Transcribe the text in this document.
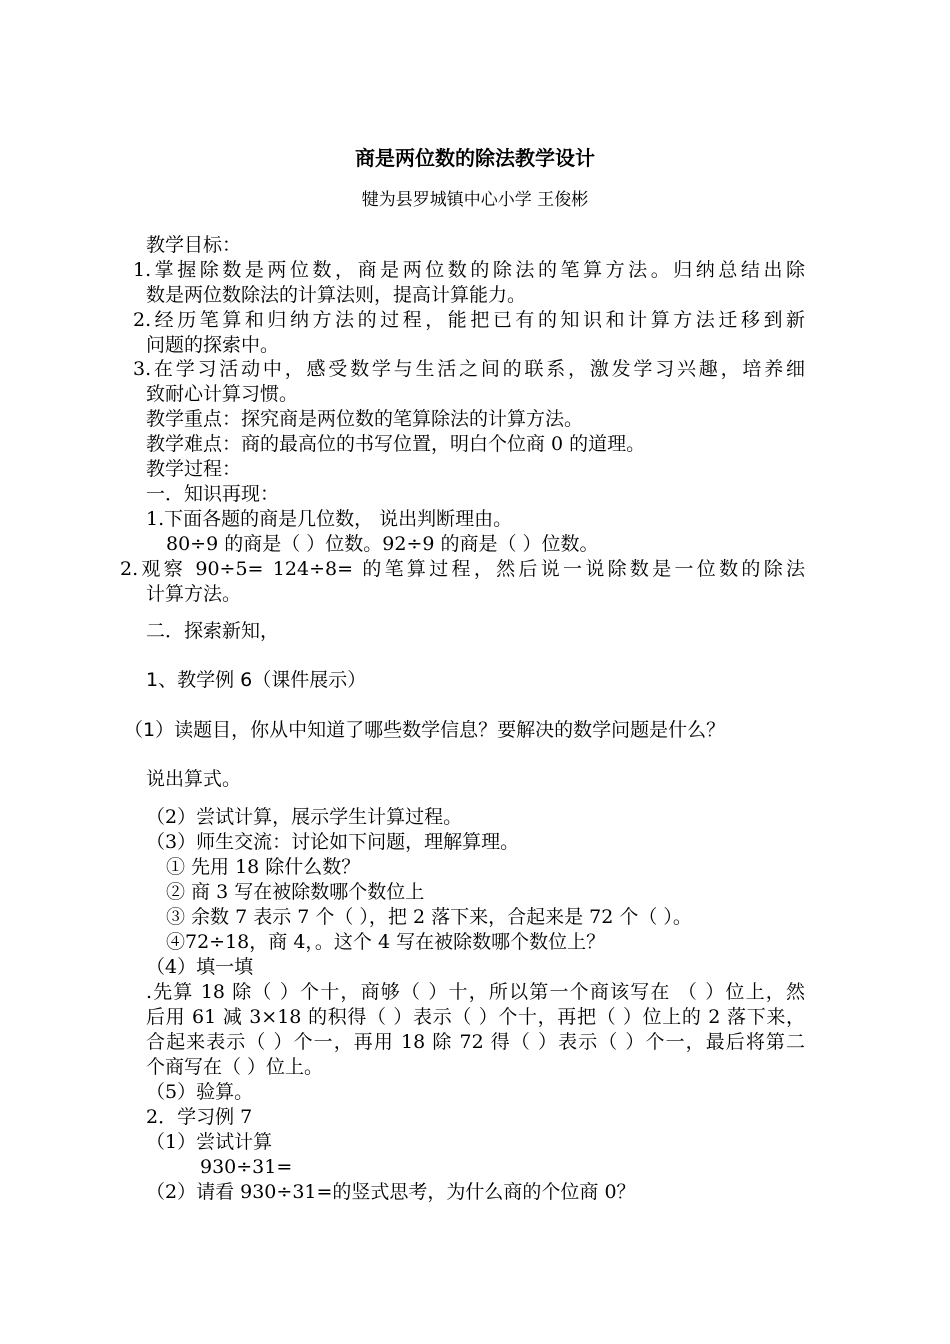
商是两位数的除法教学设计
犍为县罗城镇中心小学 王俊彬
教学目标：
1.掌握除数是两位数，商是两位数的除法的笔算方法。归纳总结出除
数是两位数除法的计算法则，提高计算能力。
2.经历笔算和归纳方法的过程，能把已有的知识和计算方法迁移到新
问题的探索中。
3.在学习活动中，感受数学与生活之间的联系，激发学习兴趣，培养细
致耐心计算习惯。
教学重点：探究商是两位数的笔算除法的计算方法。
教学难点：商的最高位的书写位置，明白个位商 0 的道理。
教学过程：
一．知识再现：
1.下面各题的商是几位数， 说出判断理由。
80÷9 的商是（ ）位数。92÷9 的商是（ ）位数。
2.观察 90÷5= 124÷8= 的笔算过程，然后说一说除数是一位数的除法
计算方法。
二．探索新知，
1、教学例 6（课件展示）
（1）读题目，你从中知道了哪些数学信息？要解决的数学问题是什么？
说出算式。
（2）尝试计算，展示学生计算过程。
（3）师生交流：讨论如下问题，理解算理。
① 先用 18 除什么数？
② 商 3 写在被除数哪个数位上
③ 余数 7 表示 7 个（ ），把 2 落下来，合起来是 72 个（ ）。
④72÷18，商 4，。这个 4 写在被除数哪个数位上？
（4）填一填
.先算 18 除（ ）个十，商够（ ）十，所以第一个商该写在 （ ）位上，然
后用 61 减 3×18 的积得（ ）表示（ ）个十，再把（ ）位上的 2 落下来，
合起来表示（ ）个一，再用 18 除 72 得（ ）表示（ ）个一，最后将第二
个商写在（ ）位上。
（5）验算。
2．学习例 7
（1）尝试计算
930÷31=
（2）请看 930÷31=的竖式思考，为什么商的个位商 0？
